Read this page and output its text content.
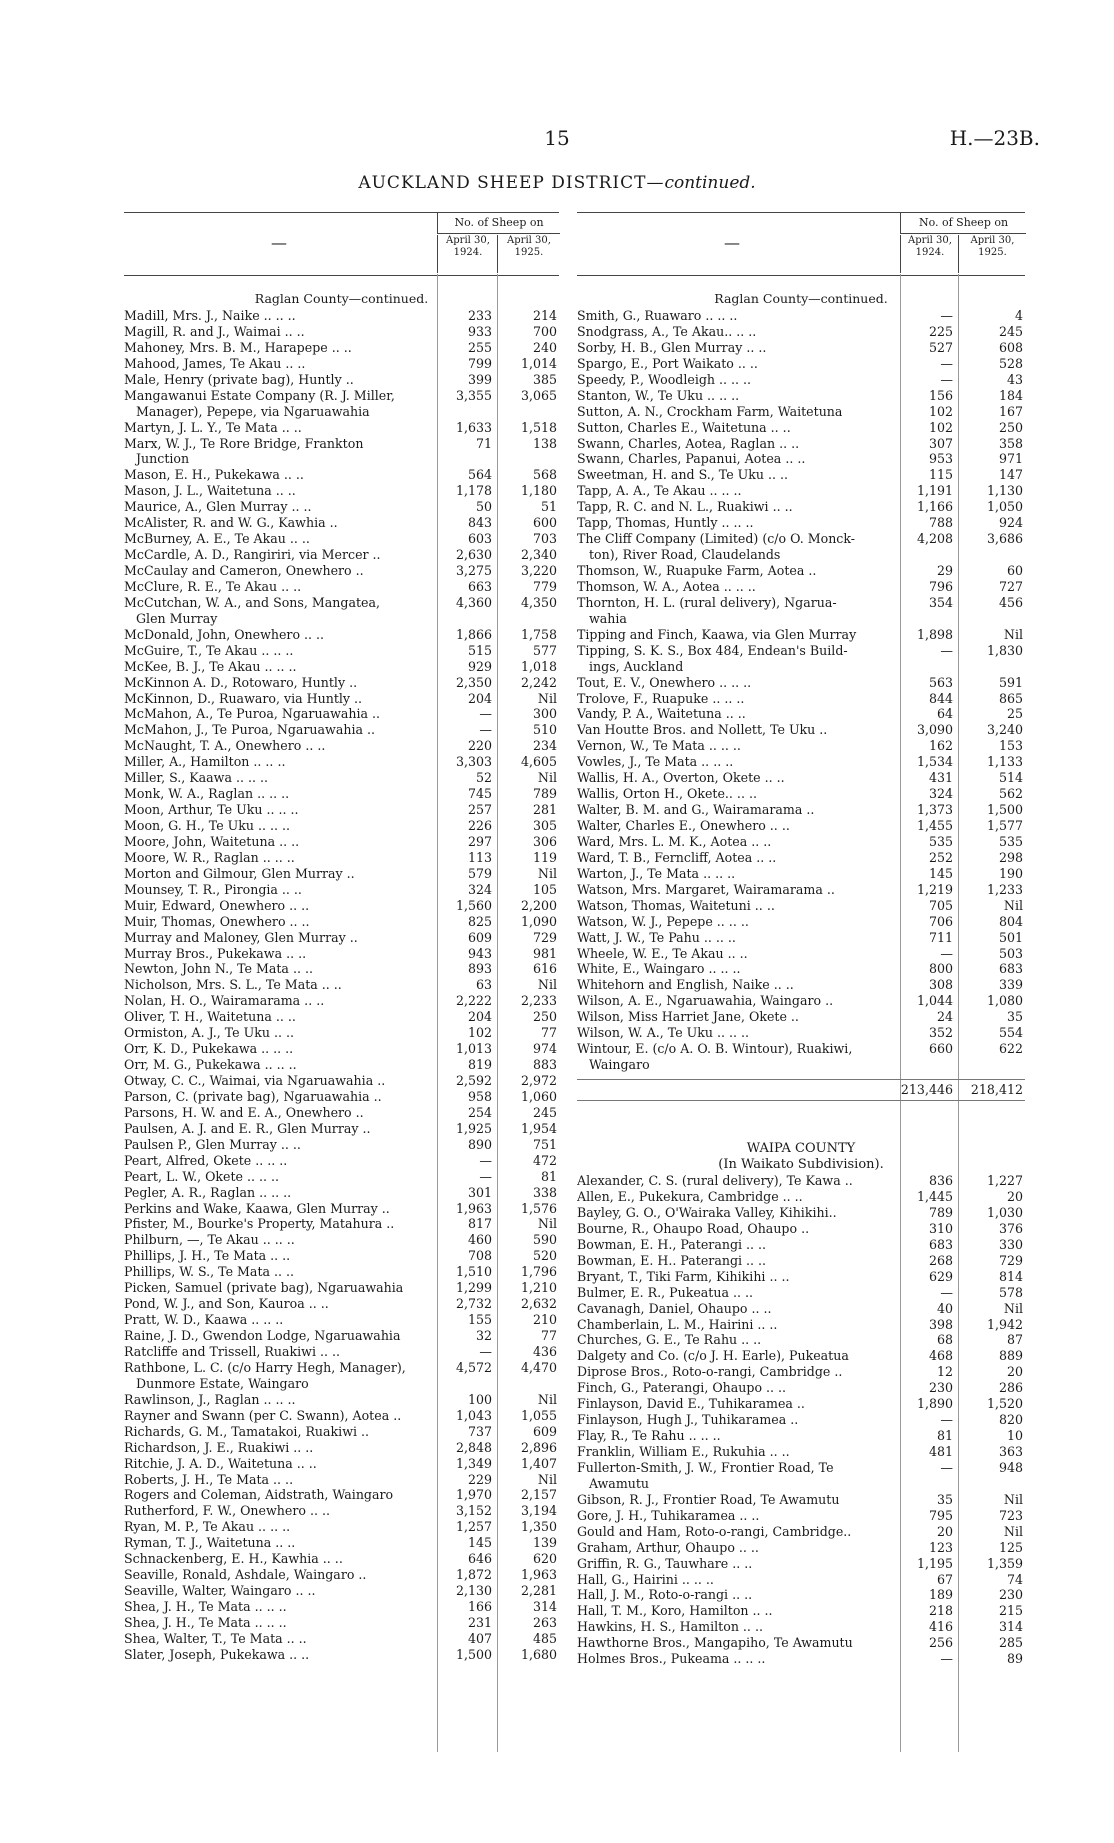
15	H.—23B.
AUCKLAND SHEEP DISTRICT—continued.
—
No. of Sheep on
April 30, 1924.
April 30, 1925.
Raglan County—continued.
Madill, Mrs. J., Naike .. .. ..	233	214
Magill, R. and J., Waimai .. ..	933	700
Mahoney, Mrs. B. M., Harapepe .. ..	255	240
Mahood, James, Te Akau .. ..	799	1,014
Male, Henry (private bag), Huntly ..	399	385
Mangawanui Estate Company (R. J. Miller,
Manager), Pepepe, via Ngaruawahia
3,355	3,065
Martyn, J. L. Y., Te Mata .. ..	1,633	1,518
Marx, W. J., Te Rore Bridge, Frankton
Junction
71	138
Mason, E. H., Pukekawa .. ..	564	568
Mason, J. L., Waitetuna .. ..	1,178	1,180
Maurice, A., Glen Murray .. ..	50	51
McAlister, R. and W. G., Kawhia ..	843	600
McBurney, A. E., Te Akau .. ..	603	703
McCardle, A. D., Rangiriri, via Mercer ..	2,630	2,340
McCaulay and Cameron, Onewhero ..	3,275	3,220
McClure, R. E., Te Akau .. ..	663	779
McCutchan, W. A., and Sons, Mangatea,
Glen Murray
4,360	4,350
McDonald, John, Onewhero .. ..	1,866	1,758
McGuire, T., Te Akau .. .. ..	515	577
McKee, B. J., Te Akau .. .. ..	929	1,018
McKinnon A. D., Rotowaro, Huntly ..	2,350	2,242
McKinnon, D., Ruawaro, via Huntly ..	204	Nil
McMahon, A., Te Puroa, Ngaruawahia ..	—	300
McMahon, J., Te Puroa, Ngaruawahia ..	—	510
McNaught, T. A., Onewhero .. ..	220	234
Miller, A., Hamilton .. .. ..	3,303	4,605
Miller, S., Kaawa .. .. ..	52	Nil
Monk, W. A., Raglan .. .. ..	745	789
Moon, Arthur, Te Uku .. .. ..	257	281
Moon, G. H., Te Uku .. .. ..	226	305
Moore, John, Waitetuna .. ..	297	306
Moore, W. R., Raglan .. .. ..	113	119
Morton and Gilmour, Glen Murray ..	579	Nil
Mounsey, T. R., Pirongia .. ..	324	105
Muir, Edward, Onewhero .. ..	1,560	2,200
Muir, Thomas, Onewhero .. ..	825	1,090
Murray and Maloney, Glen Murray ..	609	729
Murray Bros., Pukekawa .. ..	943	981
Newton, John N., Te Mata .. ..	893	616
Nicholson, Mrs. S. L., Te Mata .. ..	63	Nil
Nolan, H. O., Wairamarama .. ..	2,222	2,233
Oliver, T. H., Waitetuna .. ..	204	250
Ormiston, A. J., Te Uku .. ..	102	77
Orr, K. D., Pukekawa .. .. ..	1,013	974
Orr, M. G., Pukekawa .. .. ..	819	883
Otway, C. C., Waimai, via Ngaruawahia ..	2,592	2,972
Parson, C. (private bag), Ngaruawahia ..	958	1,060
Parsons, H. W. and E. A., Onewhero ..	254	245
Paulsen, A. J. and E. R., Glen Murray ..	1,925	1,954
Paulsen P., Glen Murray .. ..	890	751
Peart, Alfred, Okete .. .. ..	—	472
Peart, L. W., Okete .. .. ..	—	81
Pegler, A. R., Raglan .. .. ..	301	338
Perkins and Wake, Kaawa, Glen Murray ..	1,963	1,576
Pfister, M., Bourke's Property, Matahura ..	817	Nil
Philburn, —, Te Akau .. .. ..	460	590
Phillips, J. H., Te Mata .. ..	708	520
Phillips, W. S., Te Mata .. ..	1,510	1,796
Picken, Samuel (private bag), Ngaruawahia	1,299	1,210
Pond, W. J., and Son, Kauroa .. ..	2,732	2,632
Pratt, W. D., Kaawa .. .. ..	155	210
Raine, J. D., Gwendon Lodge, Ngaruawahia	32	77
Ratcliffe and Trissell, Ruakiwi .. ..	—	436
Rathbone, L. C. (c/o Harry Hegh, Manager),
Dunmore Estate, Waingaro
4,572	4,470
Rawlinson, J., Raglan .. .. ..	100	Nil
Rayner and Swann (per C. Swann), Aotea ..	1,043	1,055
Richards, G. M., Tamatakoi, Ruakiwi ..	737	609
Richardson, J. E., Ruakiwi .. ..	2,848	2,896
Ritchie, J. A. D., Waitetuna .. ..	1,349	1,407
Roberts, J. H., Te Mata .. ..	229	Nil
Rogers and Coleman, Aidstrath, Waingaro	1,970	2,157
Rutherford, F. W., Onewhero .. ..	3,152	3,194
Ryan, M. P., Te Akau .. .. ..	1,257	1,350
Ryman, T. J., Waitetuna .. ..	145	139
Schnackenberg, E. H., Kawhia .. ..	646	620
Seaville, Ronald, Ashdale, Waingaro ..	1,872	1,963
Seaville, Walter, Waingaro .. ..	2,130	2,281
Shea, J. H., Te Mata .. .. ..	166	314
Shea, J. H., Te Mata .. .. ..	231	263
Shea, Walter, T., Te Mata .. ..	407	485
Slater, Joseph, Pukekawa .. ..	1,500	1,680
—
No. of Sheep on
April 30, 1924.
April 30, 1925.
Raglan County—continued.
Smith, G., Ruawaro .. .. ..	—	4
Snodgrass, A., Te Akau.. .. ..	225	245
Sorby, H. B., Glen Murray .. ..	527	608
Spargo, E., Port Waikato .. ..	—	528
Speedy, P., Woodleigh .. .. ..	—	43
Stanton, W., Te Uku .. .. ..	156	184
Sutton, A. N., Crockham Farm, Waitetuna	102	167
Sutton, Charles E., Waitetuna .. ..	102	250
Swann, Charles, Aotea, Raglan .. ..	307	358
Swann, Charles, Papanui, Aotea .. ..	953	971
Sweetman, H. and S., Te Uku .. ..	115	147
Tapp, A. A., Te Akau .. .. ..	1,191	1,130
Tapp, R. C. and N. L., Ruakiwi .. ..	1,166	1,050
Tapp, Thomas, Huntly .. .. ..	788	924
The Cliff Company (Limited) (c/o O. Monck-
ton), River Road, Claudelands
4,208	3,686
Thomson, W., Ruapuke Farm, Aotea ..	29	60
Thomson, W. A., Aotea .. .. ..	796	727
Thornton, H. L. (rural delivery), Ngarua-
wahia
354	456
Tipping and Finch, Kaawa, via Glen Murray	1,898	Nil
Tipping, S. K. S., Box 484, Endean's Build-
ings, Auckland
—	1,830
Tout, E. V., Onewhero .. .. ..	563	591
Trolove, F., Ruapuke .. .. ..	844	865
Vandy, P. A., Waitetuna .. ..	64	25
Van Houtte Bros. and Nollett, Te Uku ..	3,090	3,240
Vernon, W., Te Mata .. .. ..	162	153
Vowles, J., Te Mata .. .. ..	1,534	1,133
Wallis, H. A., Overton, Okete .. ..	431	514
Wallis, Orton H., Okete.. .. ..	324	562
Walter, B. M. and G., Wairamarama ..	1,373	1,500
Walter, Charles E., Onewhero .. ..	1,455	1,577
Ward, Mrs. L. M. K., Aotea .. ..	535	535
Ward, T. B., Ferncliff, Aotea .. ..	252	298
Warton, J., Te Mata .. .. ..	145	190
Watson, Mrs. Margaret, Wairamarama ..	1,219	1,233
Watson, Thomas, Waitetuni .. ..	705	Nil
Watson, W. J., Pepepe .. .. ..	706	804
Watt, J. W., Te Pahu .. .. ..	711	501
Wheele, W. E., Te Akau .. ..	—	503
White, E., Waingaro .. .. ..	800	683
Whitehorn and English, Naike .. ..	308	339
Wilson, A. E., Ngaruawahia, Waingaro ..	1,044	1,080
Wilson, Miss Harriet Jane, Okete ..	24	35
Wilson, W. A., Te Uku .. .. ..	352	554
Wintour, E. (c/o A. O. B. Wintour), Ruakiwi,
Waingaro
660	622
213,446	218,412
WAIPA COUNTY
(In Waikato Subdivision).
Alexander, C. S. (rural delivery), Te Kawa ..	836	1,227
Allen, E., Pukekura, Cambridge .. ..	1,445	20
Bayley, G. O., O'Wairaka Valley, Kihikihi..	789	1,030
Bourne, R., Ohaupo Road, Ohaupo ..	310	376
Bowman, E. H., Paterangi .. ..	683	330
Bowman, E. H.. Paterangi .. ..	268	729
Bryant, T., Tiki Farm, Kihikihi .. ..	629	814
Bulmer, E. R., Pukeatua .. ..	—	578
Cavanagh, Daniel, Ohaupo .. ..	40	Nil
Chamberlain, L. M., Hairini .. ..	398	1,942
Churches, G. E., Te Rahu .. ..	68	87
Dalgety and Co. (c/o J. H. Earle), Pukeatua	468	889
Diprose Bros., Roto-o-rangi, Cambridge ..	12	20
Finch, G., Paterangi, Ohaupo .. ..	230	286
Finlayson, David E., Tuhikaramea ..	1,890	1,520
Finlayson, Hugh J., Tuhikaramea ..	—	820
Flay, R., Te Rahu .. .. ..	81	10
Franklin, William E., Rukuhia .. ..	481	363
Fullerton-Smith, J. W., Frontier Road, Te
Awamutu
—	948
Gibson, R. J., Frontier Road, Te Awamutu	35	Nil
Gore, J. H., Tuhikaramea .. ..	795	723
Gould and Ham, Roto-o-rangi, Cambridge..	20	Nil
Graham, Arthur, Ohaupo .. ..	123	125
Griffin, R. G., Tauwhare .. ..	1,195	1,359
Hall, G., Hairini .. .. ..	67	74
Hall, J. M., Roto-o-rangi .. ..	189	230
Hall, T. M., Koro, Hamilton .. ..	218	215
Hawkins, H. S., Hamilton .. ..	416	314
Hawthorne Bros., Mangapiho, Te Awamutu	256	285
Holmes Bros., Pukeama .. .. ..	—	89
